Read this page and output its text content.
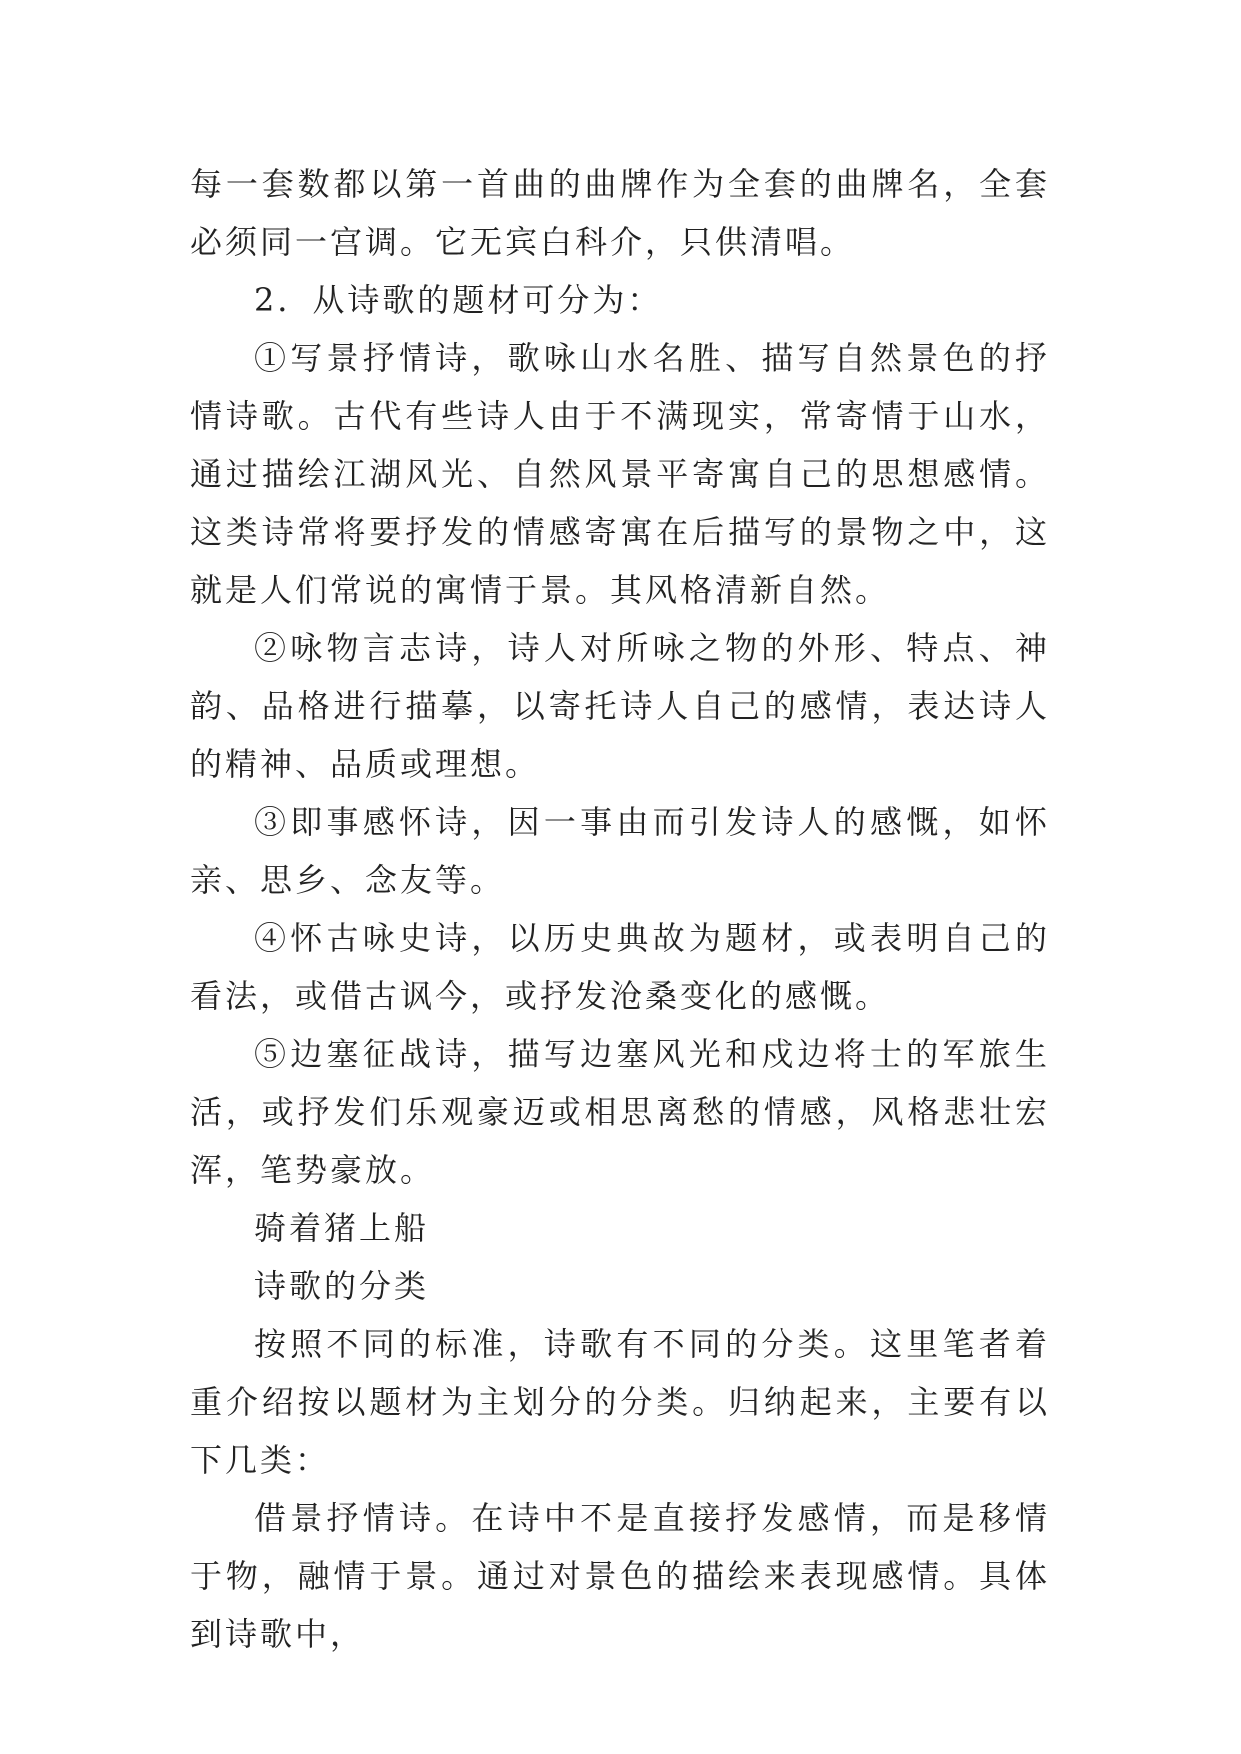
每一套数都以第一首曲的曲牌作为全套的曲牌名，全套必须同一宫调。它无宾白科介，只供清唱。

2．从诗歌的题材可分为：

①写景抒情诗，歌咏山水名胜、描写自然景色的抒情诗歌。古代有些诗人由于不满现实，常寄情于山水，通过描绘江湖风光、自然风景平寄寓自己的思想感情。这类诗常将要抒发的情感寄寓在后描写的景物之中，这就是人们常说的寓情于景。其风格清新自然。

②咏物言志诗，诗人对所咏之物的外形、特点、神韵、品格进行描摹，以寄托诗人自己的感情，表达诗人的精神、品质或理想。

③即事感怀诗，因一事由而引发诗人的感慨，如怀亲、思乡、念友等。

④怀古咏史诗，以历史典故为题材，或表明自己的看法，或借古讽今，或抒发沧桑变化的感慨。

⑤边塞征战诗，描写边塞风光和戍边将士的军旅生活，或抒发们乐观豪迈或相思离愁的情感，风格悲壮宏浑，笔势豪放。

骑着猪上船

诗歌的分类

按照不同的标准，诗歌有不同的分类。这里笔者着重介绍按以题材为主划分的分类。归纳起来，主要有以下几类：

借景抒情诗。在诗中不是直接抒发感情，而是移情于物，融情于景。通过对景色的描绘来表现感情。具体到诗歌中，
